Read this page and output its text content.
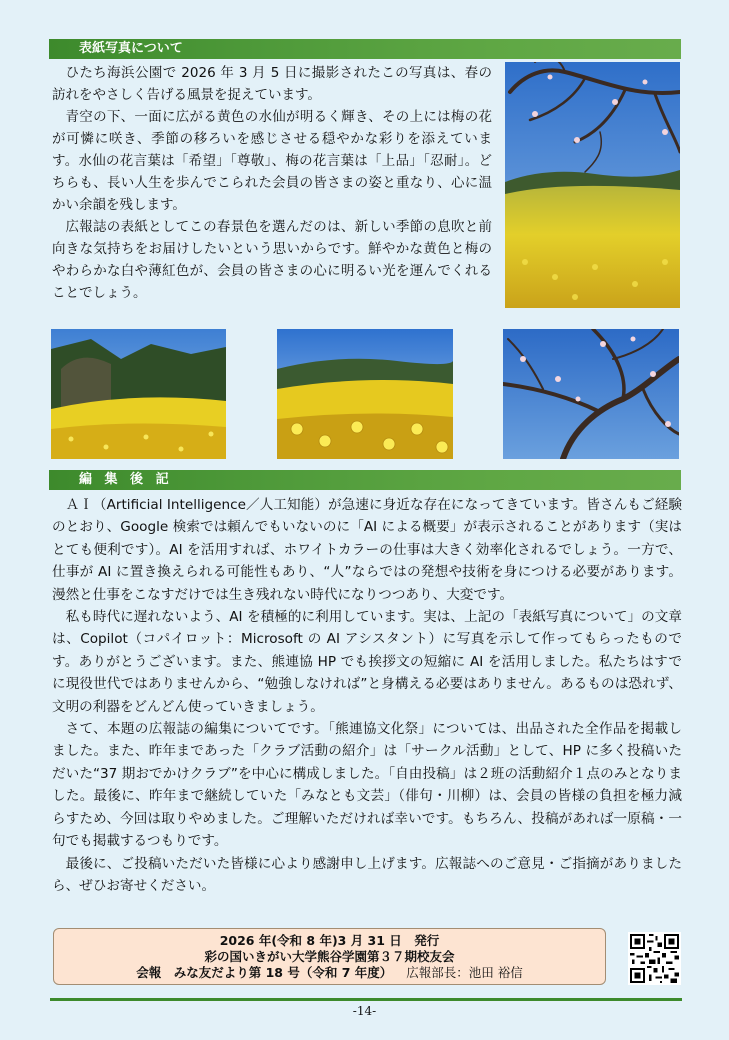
表紙写真について

ひたち海浜公園で 2026 年 3 月 5 日に撮影されたこの写真は、春の訪れをやさしく告げる風景を捉えています。

青空の下、一面に広がる黄色の水仙が明るく輝き、その上には梅の花が可憐に咲き、季節の移ろいを感じさせる穏やかな彩りを添えています。水仙の花言葉は「希望」「尊敬」、梅の花言葉は「上品」「忍耐」。どちらも、長い人生を歩んでこられた会員の皆さまの姿と重なり、心に温かい余韻を残します。

広報誌の表紙としてこの春景色を選んだのは、新しい季節の息吹と前向きな気持ちをお届けしたいという思いからです。鮮やかな黄色と梅のやわらかな白や薄紅色が、会員の皆さまの心に明るい光を運んでくれることでしょう。

編 集 後 記

ＡＩ（Artificial Intelligence／人工知能）が急速に身近な存在になってきています。皆さんもご経験のとおり、Google 検索では頼んでもいないのに「AI による概要」が表示されることがあります（実はとても便利です）。AI を活用すれば、ホワイトカラーの仕事は大きく効率化されるでしょう。一方で、仕事が AI に置き換えられる可能性もあり、“人”ならではの発想や技術を身につける必要があります。漫然と仕事をこなすだけでは生き残れない時代になりつつあり、大変です。

私も時代に遅れないよう、AI を積極的に利用しています。実は、上記の「表紙写真について」の文章は、Copilot（コパイロット：Microsoft の AI アシスタント）に写真を示して作ってもらったものです。ありがとうございます。また、熊連協 HP でも挨拶文の短縮に AI を活用しました。私たちはすでに現役世代ではありませんから、“勉強しなければ”と身構える必要はありません。あるものは恐れず、文明の利器をどんどん使っていきましょう。

さて、本題の広報誌の編集についてです。「熊連協文化祭」については、出品された全作品を掲載しました。また、昨年まであった「クラブ活動の紹介」は「サークル活動」として、HP に多く投稿いただいた“37 期おでかけクラブ”を中心に構成しました。「自由投稿」は２班の活動紹介１点のみとなりました。最後に、昨年まで継続していた「みなとも文芸」（俳句・川柳）は、会員の皆様の負担を極力減らすため、今回は取りやめました。ご理解いただければ幸いです。もちろん、投稿があれば一原稿・一句でも掲載するつもりです。

最後に、ご投稿いただいた皆様に心より感謝申し上げます。広報誌へのご意見・ご指摘がありましたら、ぜひお寄せください。

2026 年(令和 8 年)3 月 31 日　発行
彩の国いきがい大学熊谷学園第３７期校友会
会報　みな友だより第 18 号（令和 7 年度） 広報部長：池田 裕信
-14-
